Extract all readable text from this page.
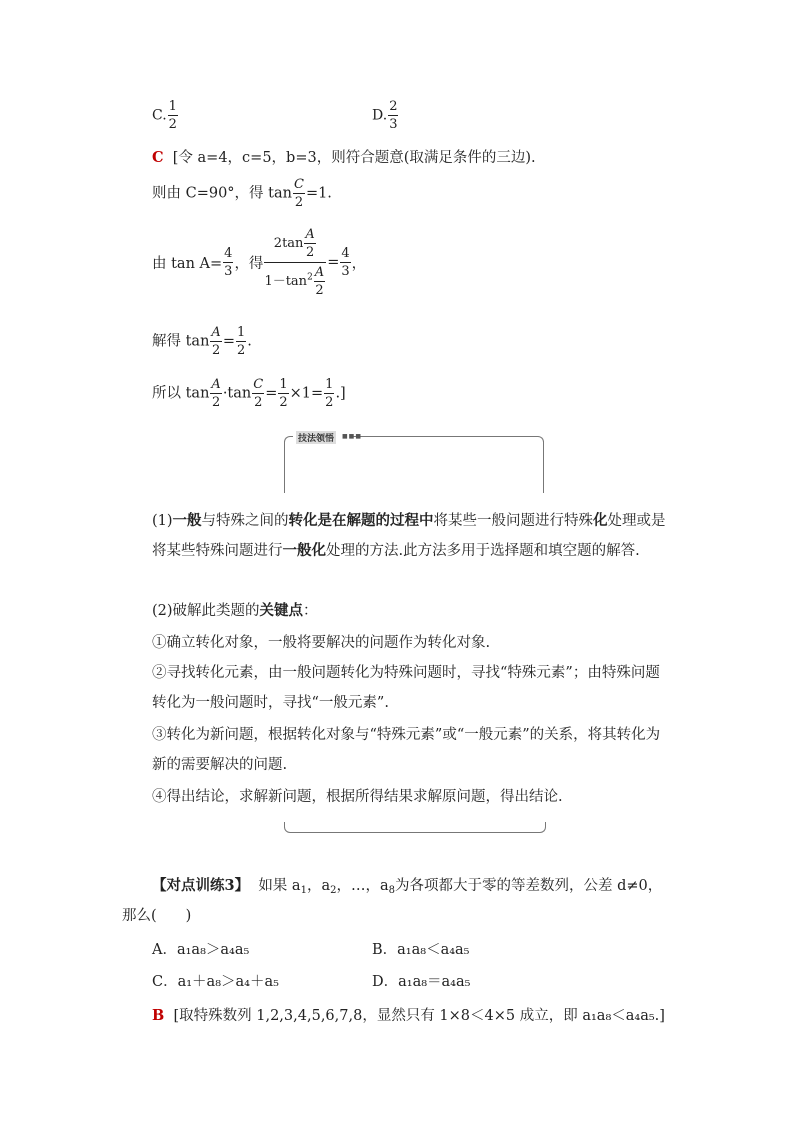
C. $\frac{1}{2}$	D. $\frac{2}{3}$
C [令 a=4，c=5，b=3，则符合题意(取满足条件的三边).
则由 C=90°，得 $\tan \frac{C}{2} =1$.
由 $\tan A= \frac{4}{3}$ ，得 $\frac{2\tan \frac{A}{2}}{1-\tan^2 \frac{A}{2}} = \frac{4}{3}$ ，
解得 $\tan \frac{A}{2} = \frac{1}{2}$ .
所以 $\tan \frac{A}{2} \cdot\tan \frac{C}{2} = \frac{1}{2} \times 1= \frac{1}{2}$ .]
技法领悟	■■■
(1)一般与特殊之间的转化是在解题的过程中将某些一般问题进行特殊化处理或是将某些特殊问题进行一般化处理的方法.此方法多用于选择题和填空题的解答.
(2)破解此类题的关键点：
①确立转化对象，一般将要解决的问题作为转化对象.
②寻找转化元素，由一般问题转化为特殊问题时，寻找“特殊元素”；由特殊问题转化为一般问题时，寻找“一般元素”.
③转化为新问题，根据转化对象与“特殊元素”或“一般元素”的关系，将其转化为新的需要解决的问题.
④得出结论，求解新问题，根据所得结果求解原问题，得出结论.
【对点训练3】 如果 $a_1$，$a_2$，…，$a_8$为各项都大于零的等差数列，公差 d≠0，
那么(　　)
A．a₁a₈＞a₄a₅	B．a₁a₈＜a₄a₅
C．a₁＋a₈＞a₄＋a₅	D．a₁a₈＝a₄a₅
B [取特殊数列 1,2,3,4,5,6,7,8，显然只有 1×8＜4×5 成立，即 a₁a₈＜a₄a₅.]
